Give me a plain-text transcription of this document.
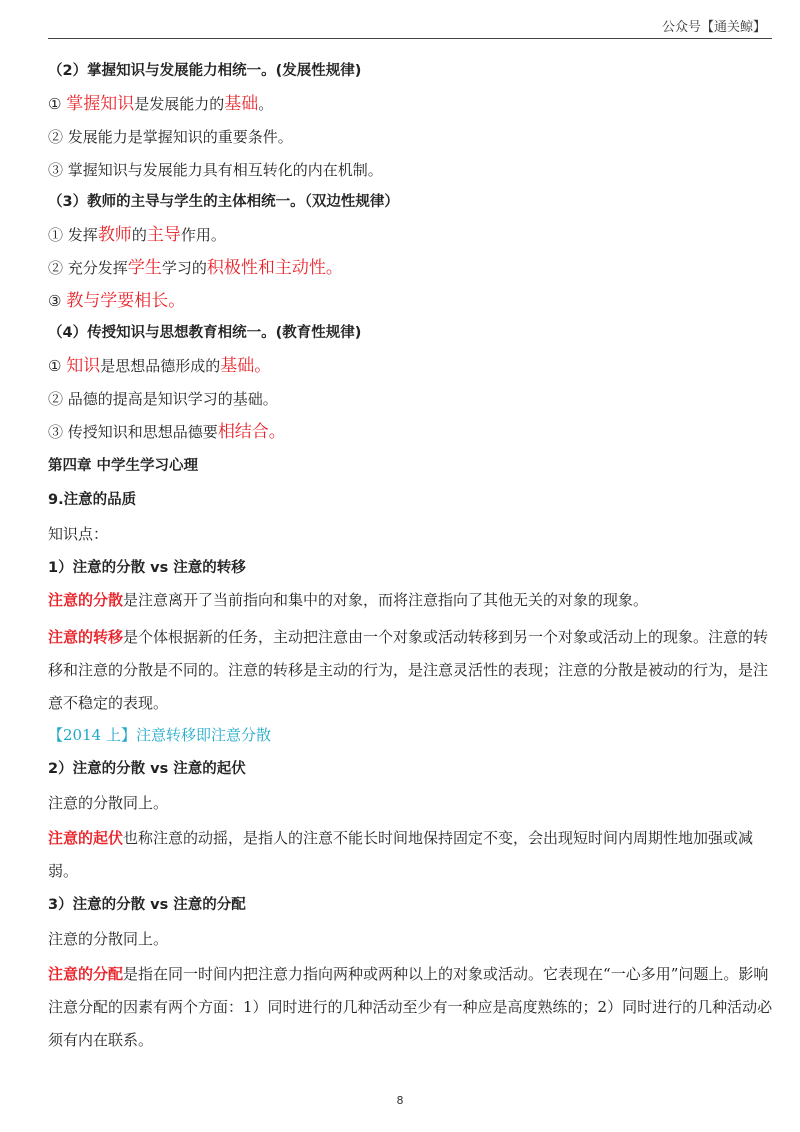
公众号【通关鲸】

（2）掌握知识与发展能力相统一。(发展性规律)

① 掌握知识是发展能力的基础。

② 发展能力是掌握知识的重要条件。

③ 掌握知识与发展能力具有相互转化的内在机制。

（3）教师的主导与学生的主体相统一。（双边性规律）

① 发挥教师的主导作用。

② 充分发挥学生学习的积极性和主动性。

③ 教与学要相长。

（4）传授知识与思想教育相统一。(教育性规律)

① 知识是思想品德形成的基础。

② 品德的提高是知识学习的基础。

③ 传授知识和思想品德要相结合。

第四章 中学生学习心理

9.注意的品质

知识点：

1）注意的分散 vs 注意的转移

注意的分散是注意离开了当前指向和集中的对象，而将注意指向了其他无关的对象的现象。

注意的转移是个体根据新的任务，主动把注意由一个对象或活动转移到另一个对象或活动上的现象。注意的转移和注意的分散是不同的。注意的转移是主动的行为，是注意灵活性的表现；注意的分散是被动的行为，是注意不稳定的表现。

【2014 上】注意转移即注意分散

2）注意的分散 vs 注意的起伏

注意的分散同上。

注意的起伏也称注意的动摇，是指人的注意不能长时间地保持固定不变，会出现短时间内周期性地加强或减弱。

3）注意的分散 vs 注意的分配

注意的分散同上。

注意的分配是指在同一时间内把注意力指向两种或两种以上的对象或活动。它表现在“一心多用”问题上。影响注意分配的因素有两个方面：1）同时进行的几种活动至少有一种应是高度熟练的；2）同时进行的几种活动必须有内在联系。

8
